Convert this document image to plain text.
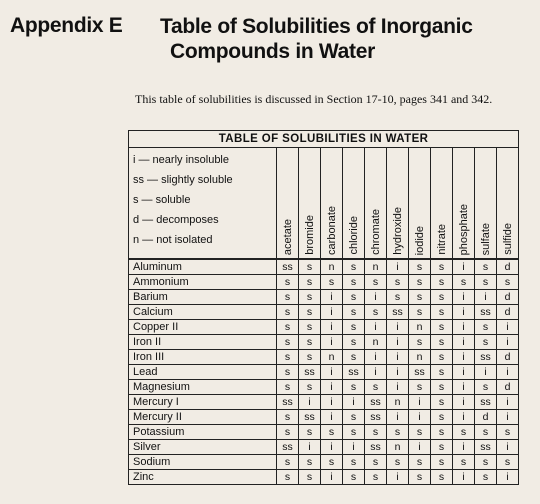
Appendix E Table of Solubilities of Inorganic
Compounds in Water
This table of solubilities is discussed in Section 17-10, pages 341 and 342.
TABLE OF SOLUBILITIES IN WATER											

i — nearly insoluble
ss — slightly soluble
s — soluble
d — decomposes
n — not isolated	acetate	bromide	carbonate	chloride	chromate	hydroxide	iodide	nitrate	phosphate	sulfate	sulfide
Aluminum	ss	s	n	s	n	i	s	s	i	s	d
Ammonium	s	s	s	s	s	s	s	s	s	s	s
Barium	s	s	i	s	i	s	s	s	i	i	d
Calcium	s	s	i	s	s	ss	s	s	i	ss	d
Copper II	s	s	i	s	i	i	n	s	i	s	i
Iron II	s	s	i	s	n	i	s	s	i	s	i
Iron III	s	s	n	s	i	i	n	s	i	ss	d
Lead	s	ss	i	ss	i	i	ss	s	i	i	i
Magnesium	s	s	i	s	s	i	s	s	i	s	d
Mercury I	ss	i	i	i	ss	n	i	s	i	ss	i
Mercury II	s	ss	i	s	ss	i	i	s	i	d	i
Potassium	s	s	s	s	s	s	s	s	s	s	s
Silver	ss	i	i	i	ss	n	i	s	i	ss	i
Sodium	s	s	s	s	s	s	s	s	s	s	s
Zinc	s	s	i	s	s	i	s	s	i	s	i
